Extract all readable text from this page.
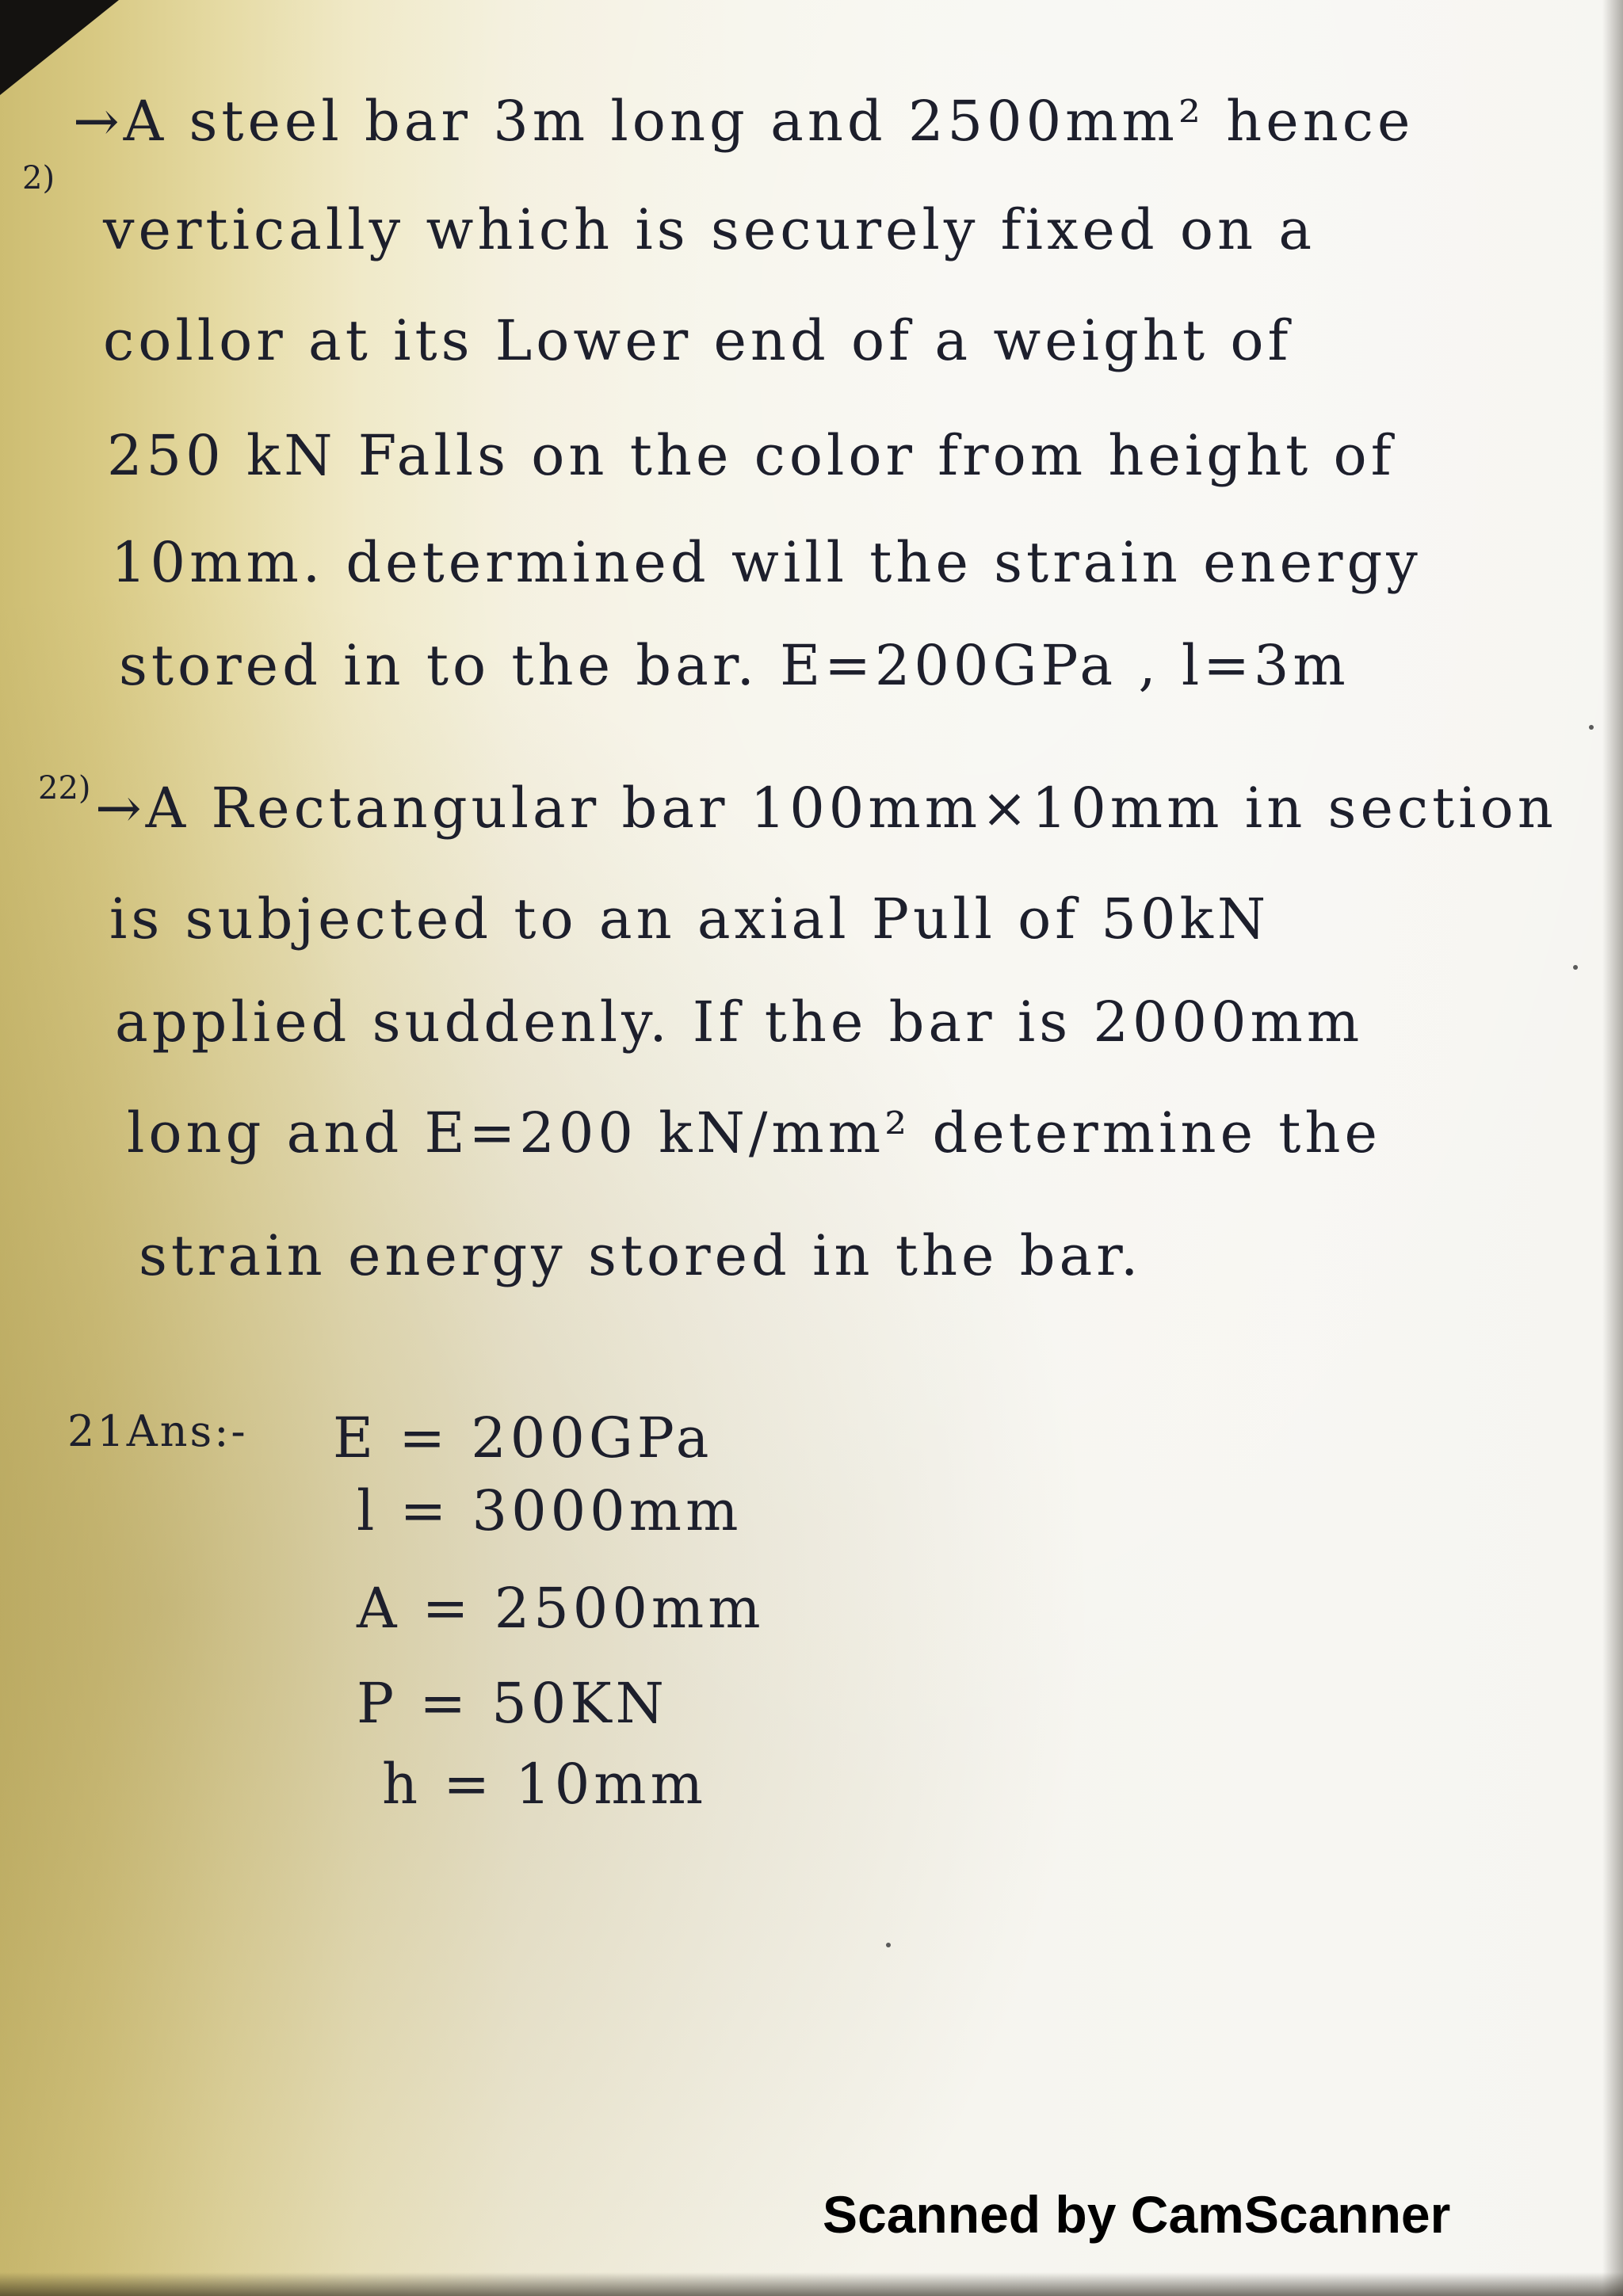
2)

→A steel bar 3m long and 2500mm² hence

vertically which is securely fixed on a

collor at its Lower end of a weight of

250 kN Falls on the color from height of

10mm. determined will the strain energy

stored in to the bar. E=200GPa , l=3m

22) →A Rectangular bar 100mm×10mm in section

is subjected to an axial Pull of 50kN

applied suddenly. If the bar is 2000mm

long and E=200 kN/mm² determine the

strain energy stored in the bar.

21Ans:- E = 200GPa

l = 3000mm

A = 2500mm

P = 50KN

h = 10mm

Scanned by CamScanner
